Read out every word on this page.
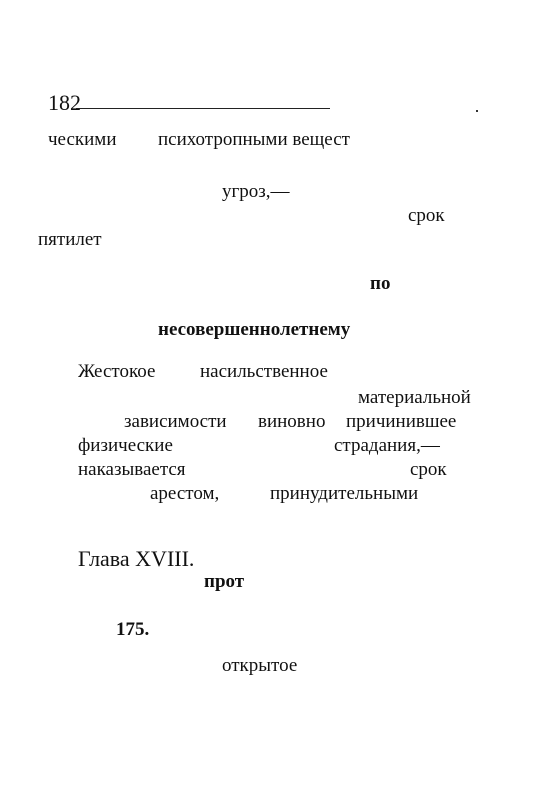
182
ческими психотропными вещест
угроз,—
срок
пятилет
по
несовершеннолетнему
Жестокое насильственное
материальной
зависимости виновно причинившее
физические	страдания,—
наказывается	срок
арестом,	принудительными
Глава XVIII.
прот
175.
открытое
